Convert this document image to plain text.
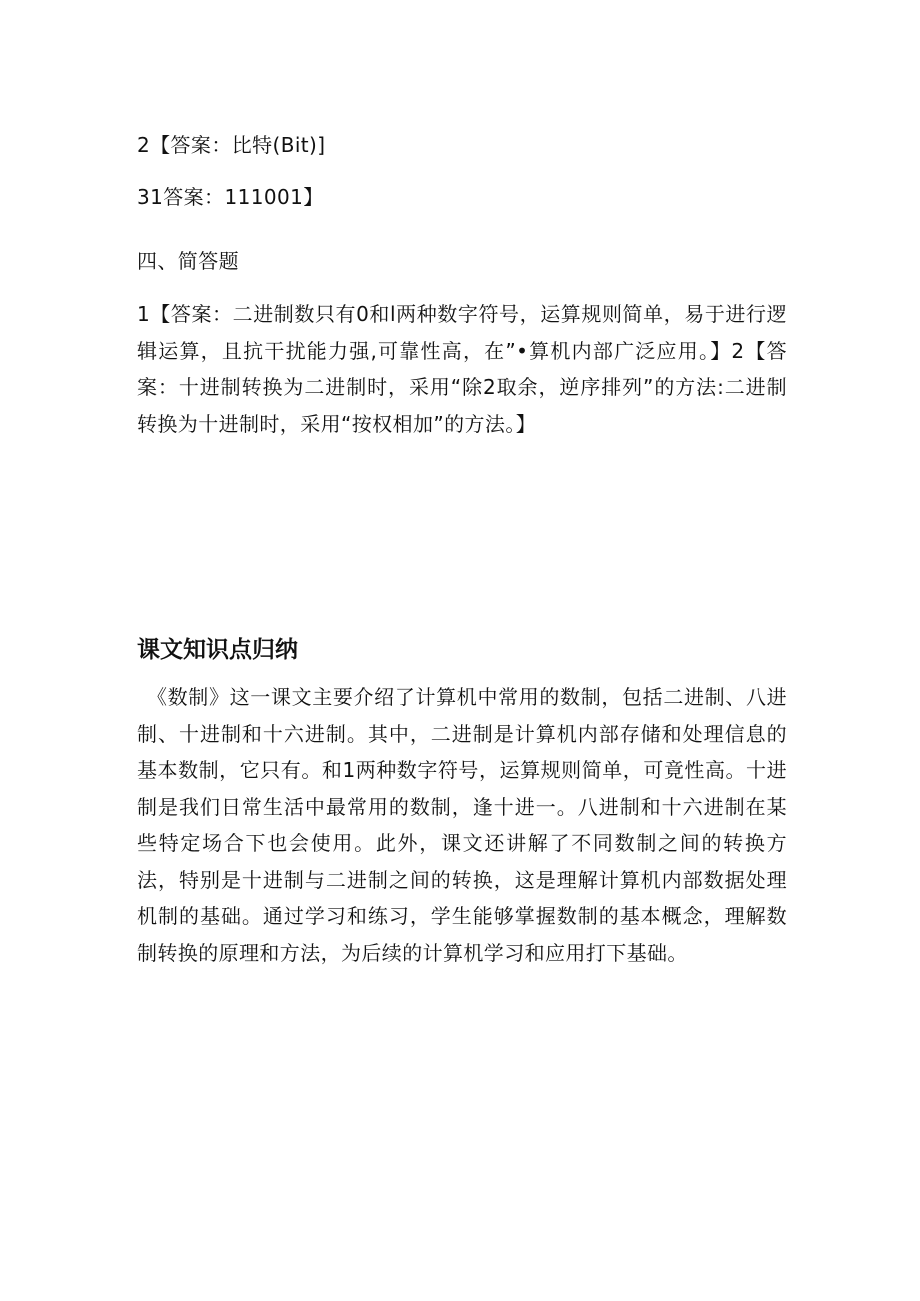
2【答案：比特(Bit)]
31答案：111001】
四、简答题

1【答案：二进制数只有0和l两种数字符号，运算规则简单，易于进行逻辑运算，且抗干扰能力强,可靠性高，在”•算机内部广泛应用。】2【答案：十进制转换为二进制时，采用“除2取余，逆序排列”的方法:二进制转换为十进制时，采用“按权相加”的方法。】

课文知识点归纳

《数制》这一课文主要介绍了计算机中常用的数制，包括二进制、八进制、十进制和十六进制。其中，二进制是计算机内部存储和处理信息的基本数制，它只有。和1两种数字符号，运算规则简单，可竟性高。十进制是我们日常生活中最常用的数制，逢十进一。八进制和十六进制在某些特定场合下也会使用。此外，课文还讲解了不同数制之间的转换方法，特别是十进制与二进制之间的转换，这是理解计算机内部数据处理机制的基础。通过学习和练习，学生能够掌握数制的基本概念，理解数制转换的原理和方法，为后续的计算机学习和应用打下基础。
